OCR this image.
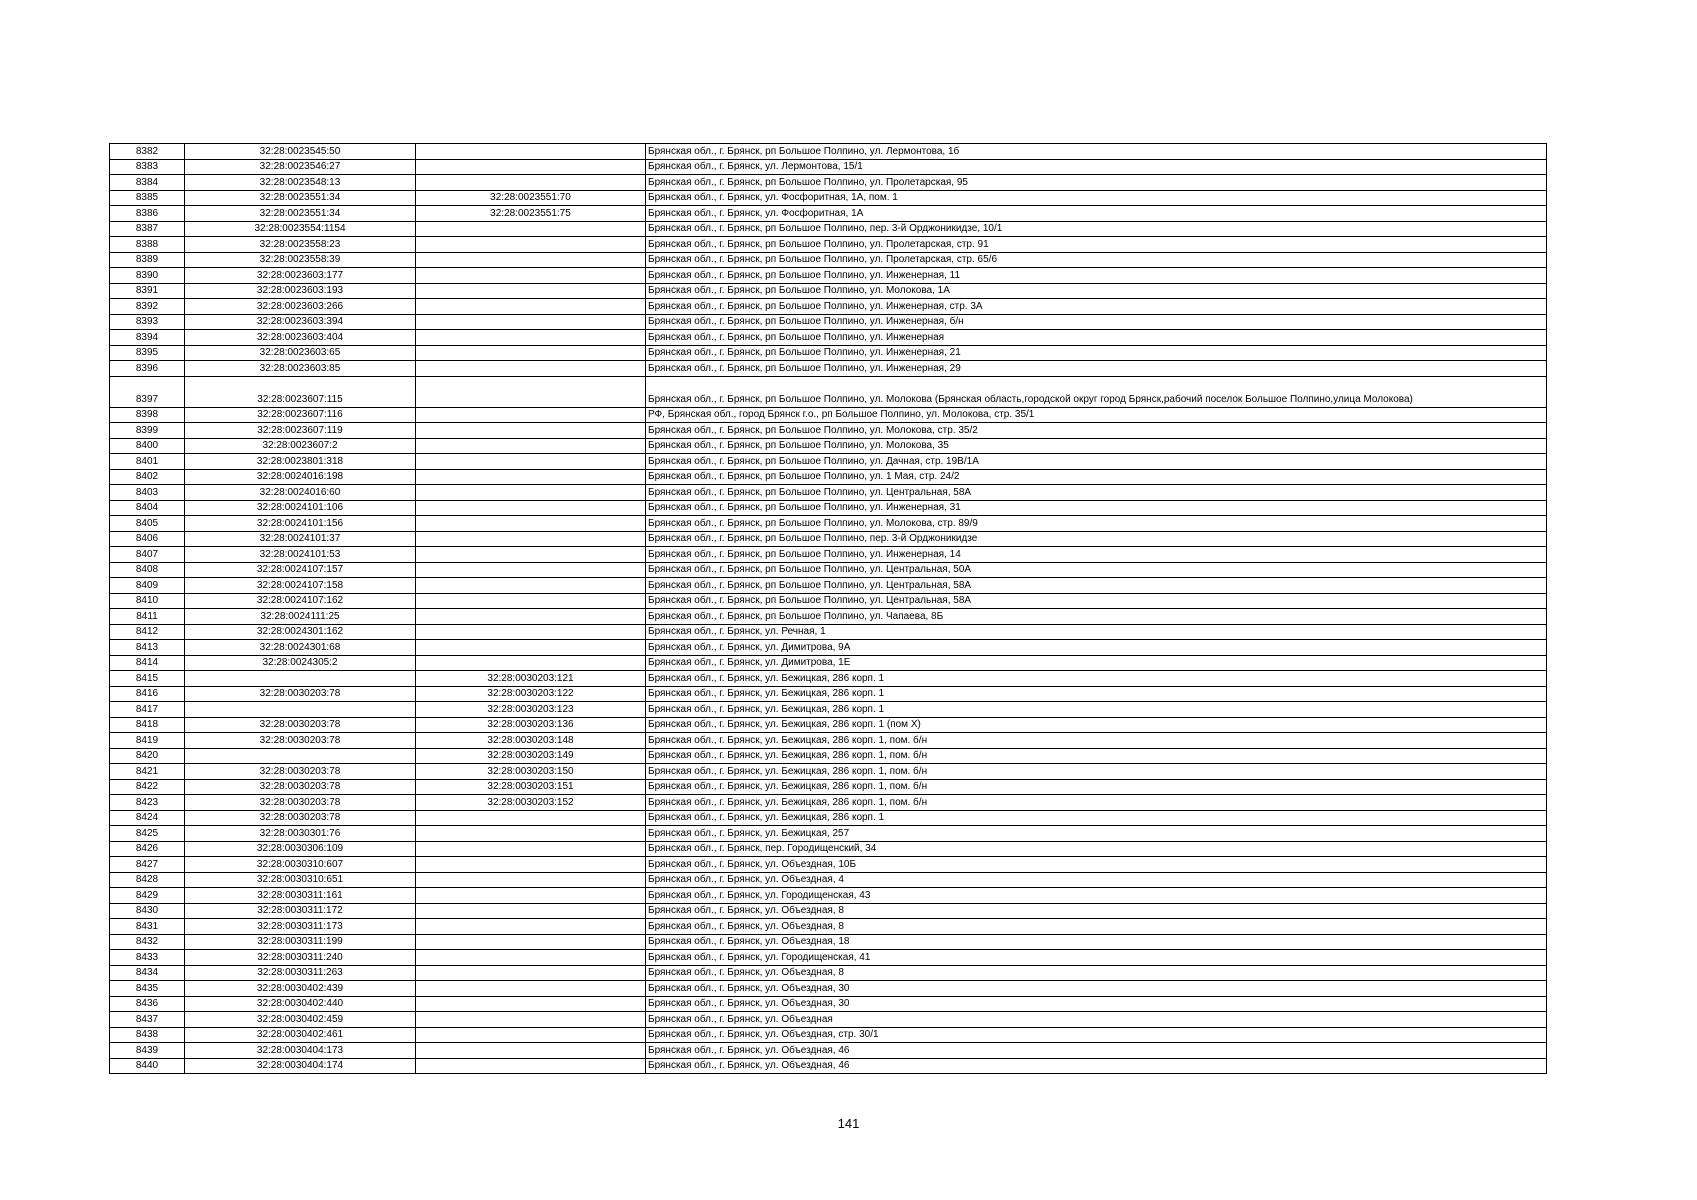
8382	32:28:0023545:50		Брянская обл., г. Брянск, рп Большое Полпино, ул. Лермонтова, 1б
8383	32:28:0023546:27		Брянская обл., г. Брянск, ул. Лермонтова, 15/1
8384	32:28:0023548:13		Брянская обл., г. Брянск, рп Большое Полпино, ул. Пролетарская, 95
8385	32:28:0023551:34	32:28:0023551:70	Брянская обл., г. Брянск, ул. Фосфоритная, 1А, пом. 1
8386	32:28:0023551:34	32:28:0023551:75	Брянская обл., г. Брянск, ул. Фосфоритная, 1А
8387	32:28:0023554:1154		Брянская обл., г. Брянск, рп Большое Полпино, пер. 3-й Орджоникидзе, 10/1
8388	32:28:0023558:23		Брянская обл., г. Брянск, рп Большое Полпино, ул. Пролетарская, стр. 91
8389	32:28:0023558:39		Брянская обл., г. Брянск, рп Большое Полпино, ул. Пролетарская, стр. 65/6
8390	32:28:0023603:177		Брянская обл., г. Брянск, рп Большое Полпино, ул. Инженерная, 11
8391	32:28:0023603:193		Брянская обл., г. Брянск, рп Большое Полпино, ул. Молокова, 1А
8392	32:28:0023603:266		Брянская обл., г. Брянск, рп Большое Полпино, ул. Инженерная, стр. 3А
8393	32:28:0023603:394		Брянская обл., г. Брянск, рп Большое Полпино, ул. Инженерная, б/н
8394	32:28:0023603:404		Брянская обл., г. Брянск, рп Большое Полпино, ул. Инженерная
8395	32:28:0023603:65		Брянская обл., г. Брянск, рп Большое Полпино, ул. Инженерная, 21
8396	32:28:0023603:85		Брянская обл., г. Брянск, рп Большое Полпино, ул. Инженерная, 29
8397	32:28:0023607:115		Брянская обл., г. Брянск, рп Большое Полпино, ул. Молокова (Брянская область,городской округ город Брянск,рабочий поселок Большое Полпино,улица Молокова)
8398	32:28:0023607:116		РФ, Брянская обл., город Брянск г.о., рп Большое Полпино, ул. Молокова, стр. 35/1
8399	32:28:0023607:119		Брянская обл., г. Брянск, рп Большое Полпино, ул. Молокова, стр. 35/2
8400	32:28:0023607:2		Брянская обл., г. Брянск, рп Большое Полпино, ул. Молокова, 35
8401	32:28:0023801:318		Брянская обл., г. Брянск, рп Большое Полпино, ул. Дачная, стр. 19В/1А
8402	32:28:0024016:198		Брянская обл., г. Брянск, рп Большое Полпино, ул. 1 Мая, стр. 24/2
8403	32:28:0024016:60		Брянская обл., г. Брянск, рп Большое Полпино, ул. Центральная, 58А
8404	32:28:0024101:106		Брянская обл., г. Брянск, рп Большое Полпино, ул. Инженерная, 31
8405	32:28:0024101:156		Брянская обл., г. Брянск, рп Большое Полпино, ул. Молокова, стр. 89/9
8406	32:28:0024101:37		Брянская обл., г. Брянск, рп Большое Полпино, пер. 3-й Орджоникидзе
8407	32:28:0024101:53		Брянская обл., г. Брянск, рп Большое Полпино, ул. Инженерная, 14
8408	32:28:0024107:157		Брянская обл., г. Брянск, рп Большое Полпино, ул. Центральная, 50А
8409	32:28:0024107:158		Брянская обл., г. Брянск, рп Большое Полпино, ул. Центральная, 58А
8410	32:28:0024107:162		Брянская обл., г. Брянск, рп Большое Полпино, ул. Центральная, 58А
8411	32:28:0024111:25		Брянская обл., г. Брянск, рп Большое Полпино, ул. Чапаева, 8Б
8412	32:28:0024301:162		Брянская обл., г. Брянск, ул. Речная, 1
8413	32:28:0024301:68		Брянская обл., г. Брянск, ул. Димитрова, 9А
8414	32:28:0024305:2		Брянская обл., г. Брянск, ул. Димитрова, 1Е
8415		32:28:0030203:121	Брянская обл., г. Брянск, ул. Бежицкая, 286 корп. 1
8416	32:28:0030203:78	32:28:0030203:122	Брянская обл., г. Брянск, ул. Бежицкая, 286 корп. 1
8417		32:28:0030203:123	Брянская обл., г. Брянск, ул. Бежицкая, 286 корп. 1
8418	32:28:0030203:78	32:28:0030203:136	Брянская обл., г. Брянск, ул. Бежицкая, 286 корп. 1 (пом X)
8419	32:28:0030203:78	32:28:0030203:148	Брянская обл., г. Брянск, ул. Бежицкая, 286 корп. 1, пом. б/н
8420		32:28:0030203:149	Брянская обл., г. Брянск, ул. Бежицкая, 286 корп. 1, пом. б/н
8421	32:28:0030203:78	32:28:0030203:150	Брянская обл., г. Брянск, ул. Бежицкая, 286 корп. 1, пом. б/н
8422	32:28:0030203:78	32:28:0030203:151	Брянская обл., г. Брянск, ул. Бежицкая, 286 корп. 1, пом. б/н
8423	32:28:0030203:78	32:28:0030203:152	Брянская обл., г. Брянск, ул. Бежицкая, 286 корп. 1, пом. б/н
8424	32:28:0030203:78		Брянская обл., г. Брянск, ул. Бежицкая, 286 корп. 1
8425	32:28:0030301:76		Брянская обл., г. Брянск, ул. Бежицкая, 257
8426	32:28:0030306:109		Брянская обл., г. Брянск, пер. Городищенский, 34
8427	32:28:0030310:607		Брянская обл., г. Брянск, ул. Объездная, 10Б
8428	32:28:0030310:651		Брянская обл., г. Брянск, ул. Объездная, 4
8429	32:28:0030311:161		Брянская обл., г. Брянск, ул. Городищенская, 43
8430	32:28:0030311:172		Брянская обл., г. Брянск, ул. Объездная, 8
8431	32:28:0030311:173		Брянская обл., г. Брянск, ул. Объездная, 8
8432	32:28:0030311:199		Брянская обл., г. Брянск, ул. Объездная, 18
8433	32:28:0030311:240		Брянская обл., г. Брянск, ул. Городищенская, 41
8434	32:28:0030311:263		Брянская обл., г. Брянск, ул. Объездная, 8
8435	32:28:0030402:439		Брянская обл., г. Брянск, ул. Объездная, 30
8436	32:28:0030402:440		Брянская обл., г. Брянск, ул. Объездная, 30
8437	32:28:0030402:459		Брянская обл., г. Брянск, ул. Объездная
8438	32:28:0030402:461		Брянская обл., г. Брянск, ул. Объездная, стр. 30/1
8439	32:28:0030404:173		Брянская обл., г. Брянск, ул. Объездная, 46
8440	32:28:0030404:174		Брянская обл., г. Брянск, ул. Объездная, 46
141
